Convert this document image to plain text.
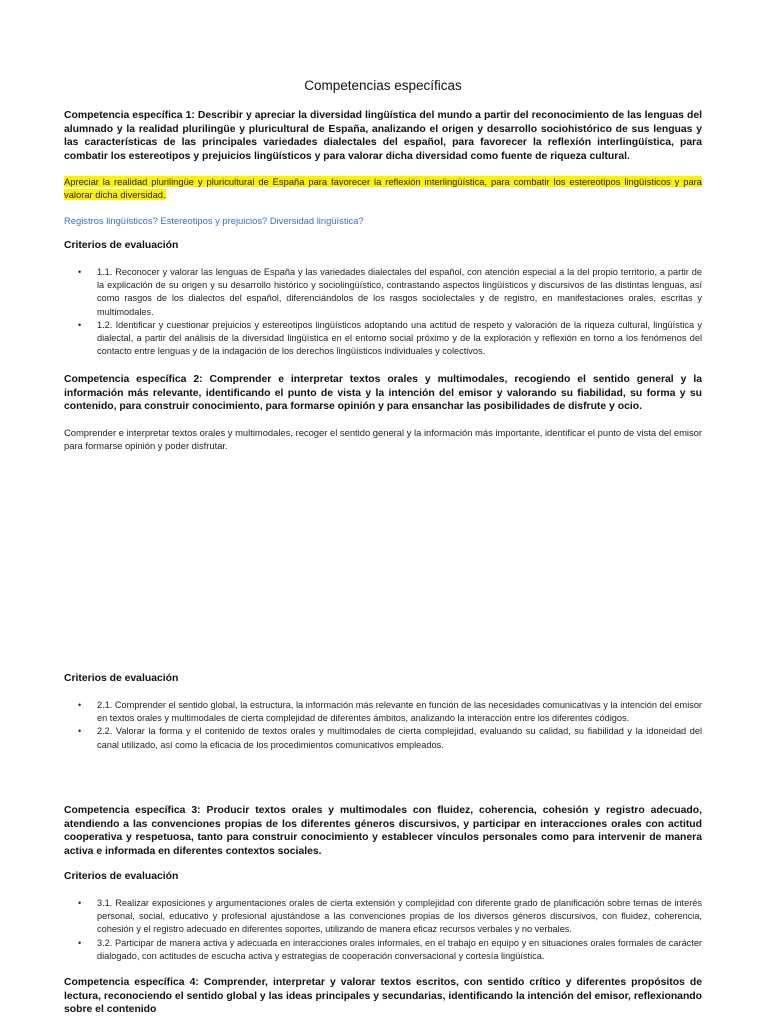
Competencias específicas
Competencia específica 1: Describir y apreciar la diversidad lingüística del mundo a partir del reconocimiento de las lenguas del alumnado y la realidad plurilingüe y pluricultural de España, analizando el origen y desarrollo sociohistórico de sus lenguas y las características de las principales variedades dialectales del español, para favorecer la reflexión interlingüística, para combatir los estereotipos y prejuicios lingüísticos y para valorar dicha diversidad como fuente de riqueza cultural.
Apreciar la realidad plurilingüe y pluricultural de España para favorecer la reflexión interlingüística, para combatir los estereotipos lingüísticos y para valorar dicha diversidad.
Registros lingüísticos? Estereotipos y prejuicios? Diversidad lingüística?
Criterios de evaluación
• 1.1. Reconocer y valorar las lenguas de España y las variedades dialectales del español, con atención especial a la del propio territorio, a partir de la explicación de su origen y su desarrollo histórico y sociolingüístico, contrastando aspectos lingüísticos y discursivos de las distintas lenguas, así como rasgos de los dialectos del español, diferenciándolos de los rasgos sociolectales y de registro, en manifestaciones orales, escritas y multimodales.
• 1.2. Identificar y cuestionar prejuicios y estereotipos lingüísticos adoptando una actitud de respeto y valoración de la riqueza cultural, lingüística y dialectal, a partir del análisis de la diversidad lingüística en el entorno social próximo y de la exploración y reflexión en torno a los fenómenos del contacto entre lenguas y de la indagación de los derechos lingüísticos individuales y colectivos.
Competencia específica 2: Comprender e interpretar textos orales y multimodales, recogiendo el sentido general y la información más relevante, identificando el punto de vista y la intención del emisor y valorando su fiabilidad, su forma y su contenido, para construir conocimiento, para formarse opinión y para ensanchar las posibilidades de disfrute y ocio.
Comprender e interpretar textos orales y multimodales, recoger el sentido general y la información más importante, identificar el punto de vista del emisor para formarse opinión y poder disfrutar.
Criterios de evaluación
• 2.1. Comprender el sentido global, la estructura, la información más relevante en función de las necesidades comunicativas y la intención del emisor en textos orales y multimodales de cierta complejidad de diferentes ámbitos, analizando la interacción entre los diferentes códigos.
• 2.2. Valorar la forma y el contenido de textos orales y multimodales de cierta complejidad, evaluando su calidad, su fiabilidad y la idoneidad del canal utilizado, así como la eficacia de los procedimientos comunicativos empleados.
Competencia específica 3: Producir textos orales y multimodales con fluidez, coherencia, cohesión y registro adecuado, atendiendo a las convenciones propias de los diferentes géneros discursivos, y participar en interacciones orales con actitud cooperativa y respetuosa, tanto para construir conocimiento y establecer vínculos personales como para intervenir de manera activa e informada en diferentes contextos sociales.
Criterios de evaluación
• 3.1. Realizar exposiciones y argumentaciones orales de cierta extensión y complejidad con diferente grado de planificación sobre temas de interés personal, social, educativo y profesional ajustándose a las convenciones propias de los diversos géneros discursivos, con fluidez, coherencia, cohesión y el registro adecuado en diferentes soportes, utilizando de manera eficaz recursos verbales y no verbales.
• 3.2. Participar de manera activa y adecuada en interacciones orales informales, en el trabajo en equipo y en situaciones orales formales de carácter dialogado, con actitudes de escucha activa y estrategias de cooperación conversacional y cortesía lingüística.
Competencia específica 4: Comprender, interpretar y valorar textos escritos, con sentido crítico y diferentes propósitos de lectura, reconociendo el sentido global y las ideas principales y secundarias, identificando la intención del emisor, reflexionando sobre el contenido
